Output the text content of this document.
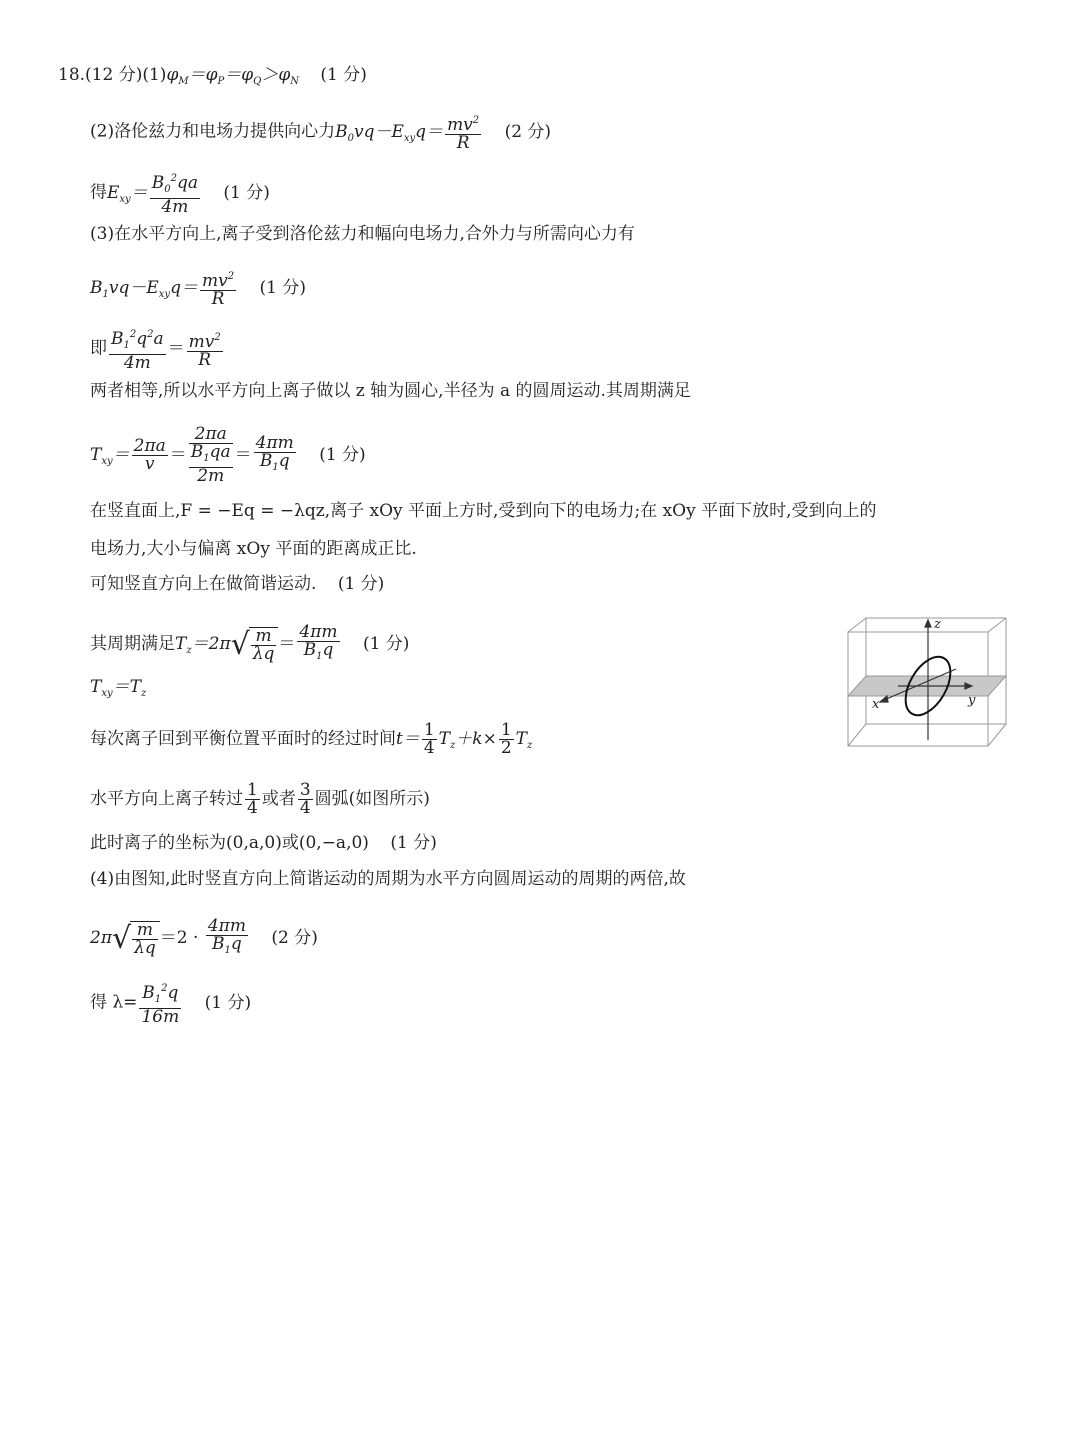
18.(12 分)$(1)\varphi_M=\varphi_P=\varphi_Q>\varphi_N$ (1 分)
(2)洛伦兹力和电场力提供向心力$B_0vq-E_{xy}q= \frac{mv^2}{R} (2$ 分)
得$E_{xy}= \frac{B_0^2qa}{4m} (1$ 分)
(3)在水平方向上,离子受到洛伦兹力和幅向电场力,合外力与所需向心力有
$B_1vq-E_{xy}q= \frac{mv^2}{R} (1$ 分)
即 $\frac{B_1^2q^2a}{4m} = \frac{mv^2}{R}$
两者相等,所以水平方向上离子做以 z 轴为圆心,半径为 a 的圆周运动.其周期满足
$T_{xy}= \frac{2\pi a}{v}$ ＝
2πa
$B_1qa$
2m
＝ $\frac{4\pi m}{B_1q} (1$ 分)
在竖直面上,F = −Eq = −λqz,离子 xOy 平面上方时,受到向下的电场力;在 xOy 平面下放时,受到向上的
电场力,大小与偏离 xOy 平面的距离成正比.
可知竖直方向上在做简谐运动. (1 分)
其周期满足$T_z=2\pi$ √ $\frac{m}{\lambda q} = \frac{4\pi m}{B_1q} (1$ 分)
$T_{xy}=T_z$
每次离子回到平衡位置平面时的经过时间$t= \frac{1}{4} T_z+k\times \frac{1}{2} T_z$
水平方向上离子转过 $\frac{1}{4}$ 或者 $\frac{3}{4}$ 圆弧(如图所示)
此时离子的坐标为(0,a,0)或(0,−a,0) (1 分)
(4)由图知,此时竖直方向上简谐运动的周期为水平方向圆周运动的周期的两倍,故
2π √ $\frac{m}{\lambda q} =2 \cdot \frac{4\pi m}{B_1q} (2$ 分)
得 $\lambda= \frac{B_1^2q}{16m} (1$ 分)
z
x	y
